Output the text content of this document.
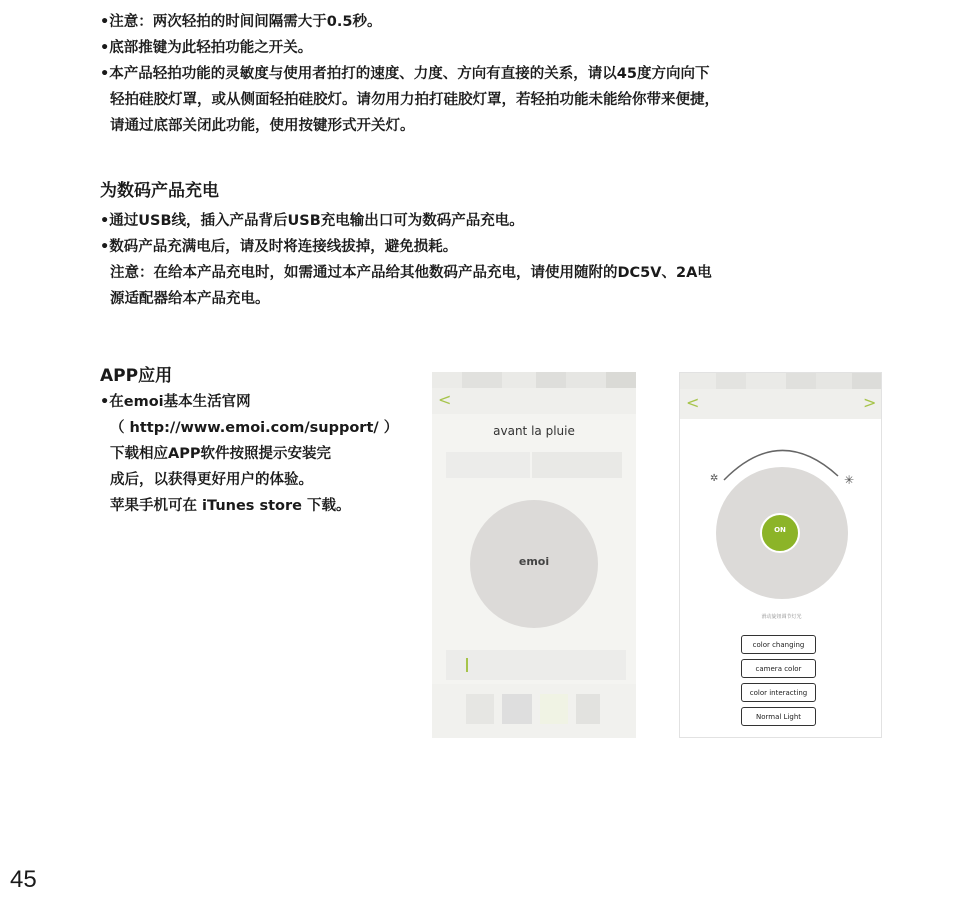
•注意：两次轻拍的时间间隔需大于0.5秒。
•底部推键为此轻拍功能之开关。
•本产品轻拍功能的灵敏度与使用者拍打的速度、力度、方向有直接的关系，请以45度方向向下
轻拍硅胶灯罩，或从侧面轻拍硅胶灯。请勿用力拍打硅胶灯罩，若轻拍功能未能给你带来便捷，
请通过底部关闭此功能，使用按键形式开关灯。
为数码产品充电
•通过USB线，插入产品背后USB充电输出口可为数码产品充电。
•数码产品充满电后，请及时将连接线拔掉，避免损耗。
注意：在给本产品充电时，如需通过本产品给其他数码产品充电，请使用随附的DC5V、2A电
源适配器给本产品充电。
APP应用
•在emoi基本生活官网
（ http://www.emoi.com/support/ ）
下载相应APP软件按照提示安装完
成后，以获得更好用户的体验。
苹果手机可在 iTunes store 下载。
<
avant la pluie
emoi
<	>
✲	✳
ON
滑动旋钮调节灯光
color changing
camera color
color interacting
Normal Light
45
